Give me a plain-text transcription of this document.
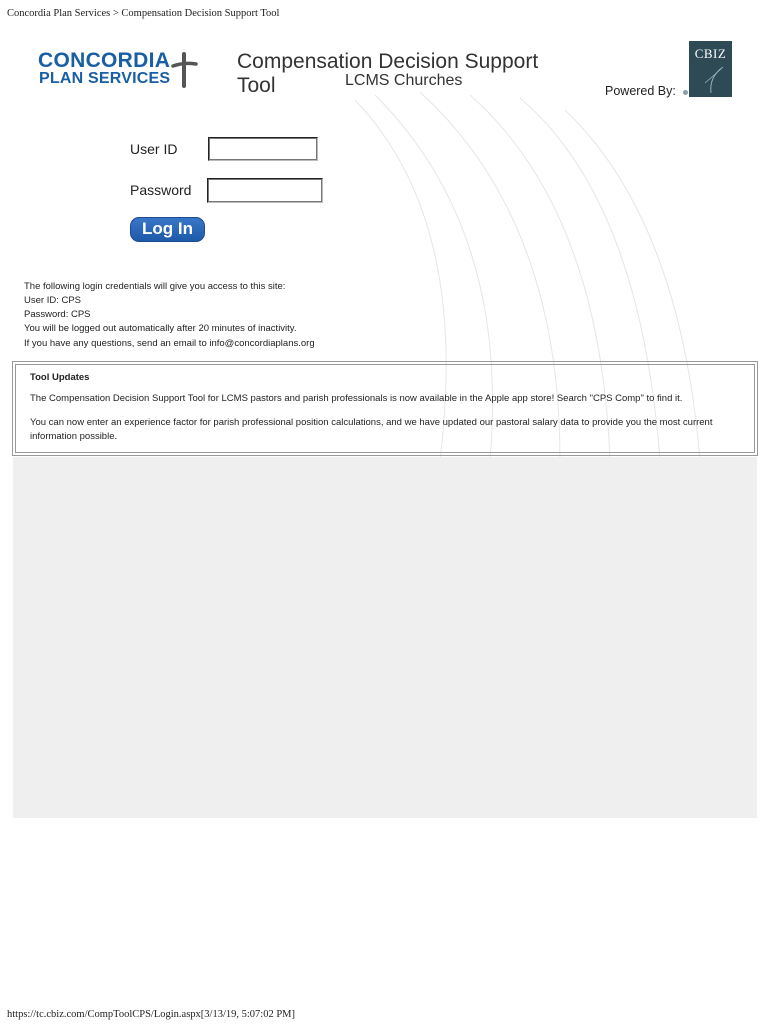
Concordia Plan Services > Compensation Decision Support Tool
CONCORDIA
PLAN SERVICES
Compensation Decision Support Tool	LCMS Churches
Powered By:
CBIZ
User ID
Password
Log In
The following login credentials will give you access to this site:
User ID: CPS
Password: CPS
You will be logged out automatically after 20 minutes of inactivity.
If you have any questions, send an email to info@concordiaplans.org
Tool Updates
The Compensation Decision Support Tool for LCMS pastors and parish professionals is now available in the Apple app store! Search "CPS Comp" to find it.
You can now enter an experience factor for parish professional position calculations, and we have updated our pastoral salary data to provide you the most current information possible.
https://tc.cbiz.com/CompToolCPS/Login.aspx[3/13/19, 5:07:02 PM]
